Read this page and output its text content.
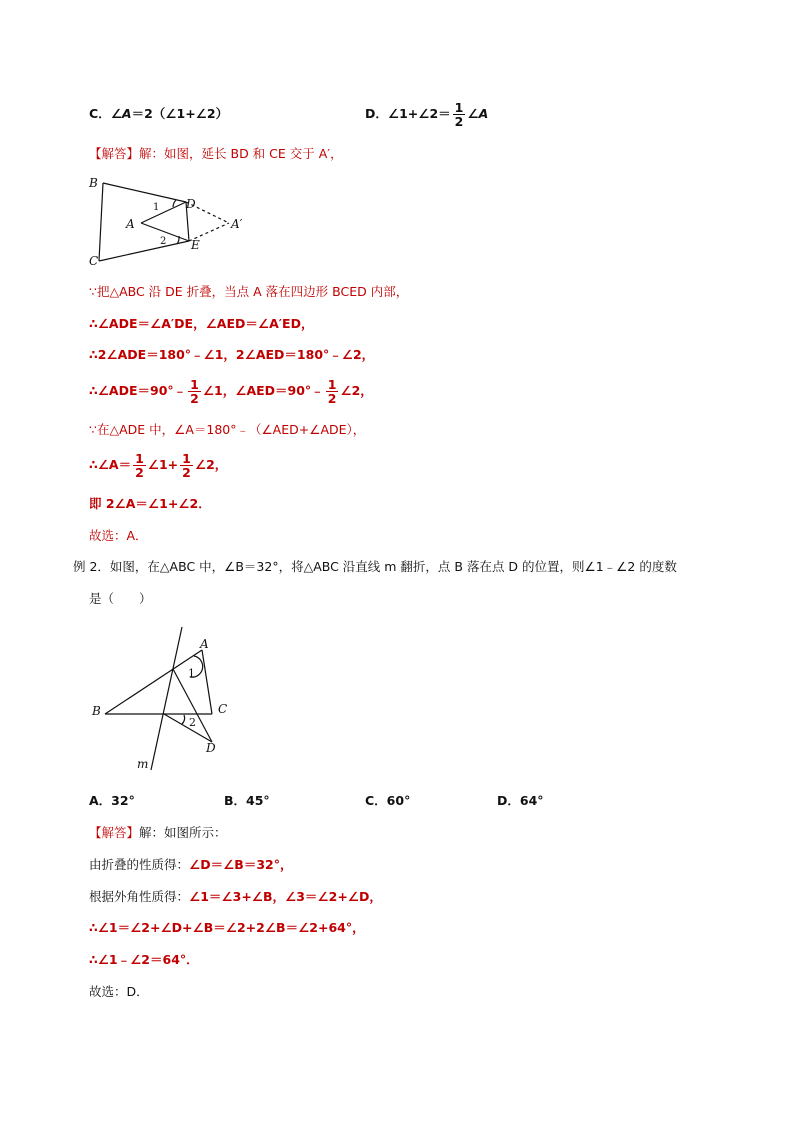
C．∠A＝2（∠1+∠2）	D．∠1+∠2＝ $\frac{1}{2}$ ∠A
【解答】解：如图，延长 BD 和 CE 交于 A′，
B
C
A
D
E
A′
1
2
∵把△ABC 沿 DE 折叠，当点 A 落在四边形 BCED 内部，
∴∠ADE＝∠A′DE，∠AED＝∠A′ED，
∴2∠ADE＝180°﹣∠1，2∠AED＝180°﹣∠2，
∴∠ADE＝90°﹣ $\frac{1}{2}$ ∠1，∠AED＝90°﹣ $\frac{1}{2}$ ∠2，
∵在△ADE 中，∠A＝180°﹣（∠AED+∠ADE），
∴∠A＝ $\frac{1}{2}$ ∠1+ $\frac{1}{2}$ ∠2，
即 2∠A＝∠1+∠2．
故选：A．
例 2．如图，在△ABC 中，∠B＝32°，将△ABC 沿直线 m 翻折，点 B 落在点 D 的位置，则∠1﹣∠2 的度数
是（　　）
A
B	C
D
m
1
2
A．32°	B．45°	C．60°	D．64°
【解答】解：如图所示：
由折叠的性质得：∠D＝∠B＝32°，
根据外角性质得：∠1＝∠3+∠B，∠3＝∠2+∠D，
∴∠1＝∠2+∠D+∠B＝∠2+2∠B＝∠2+64°，
∴∠1﹣∠2＝64°．
故选：D．
